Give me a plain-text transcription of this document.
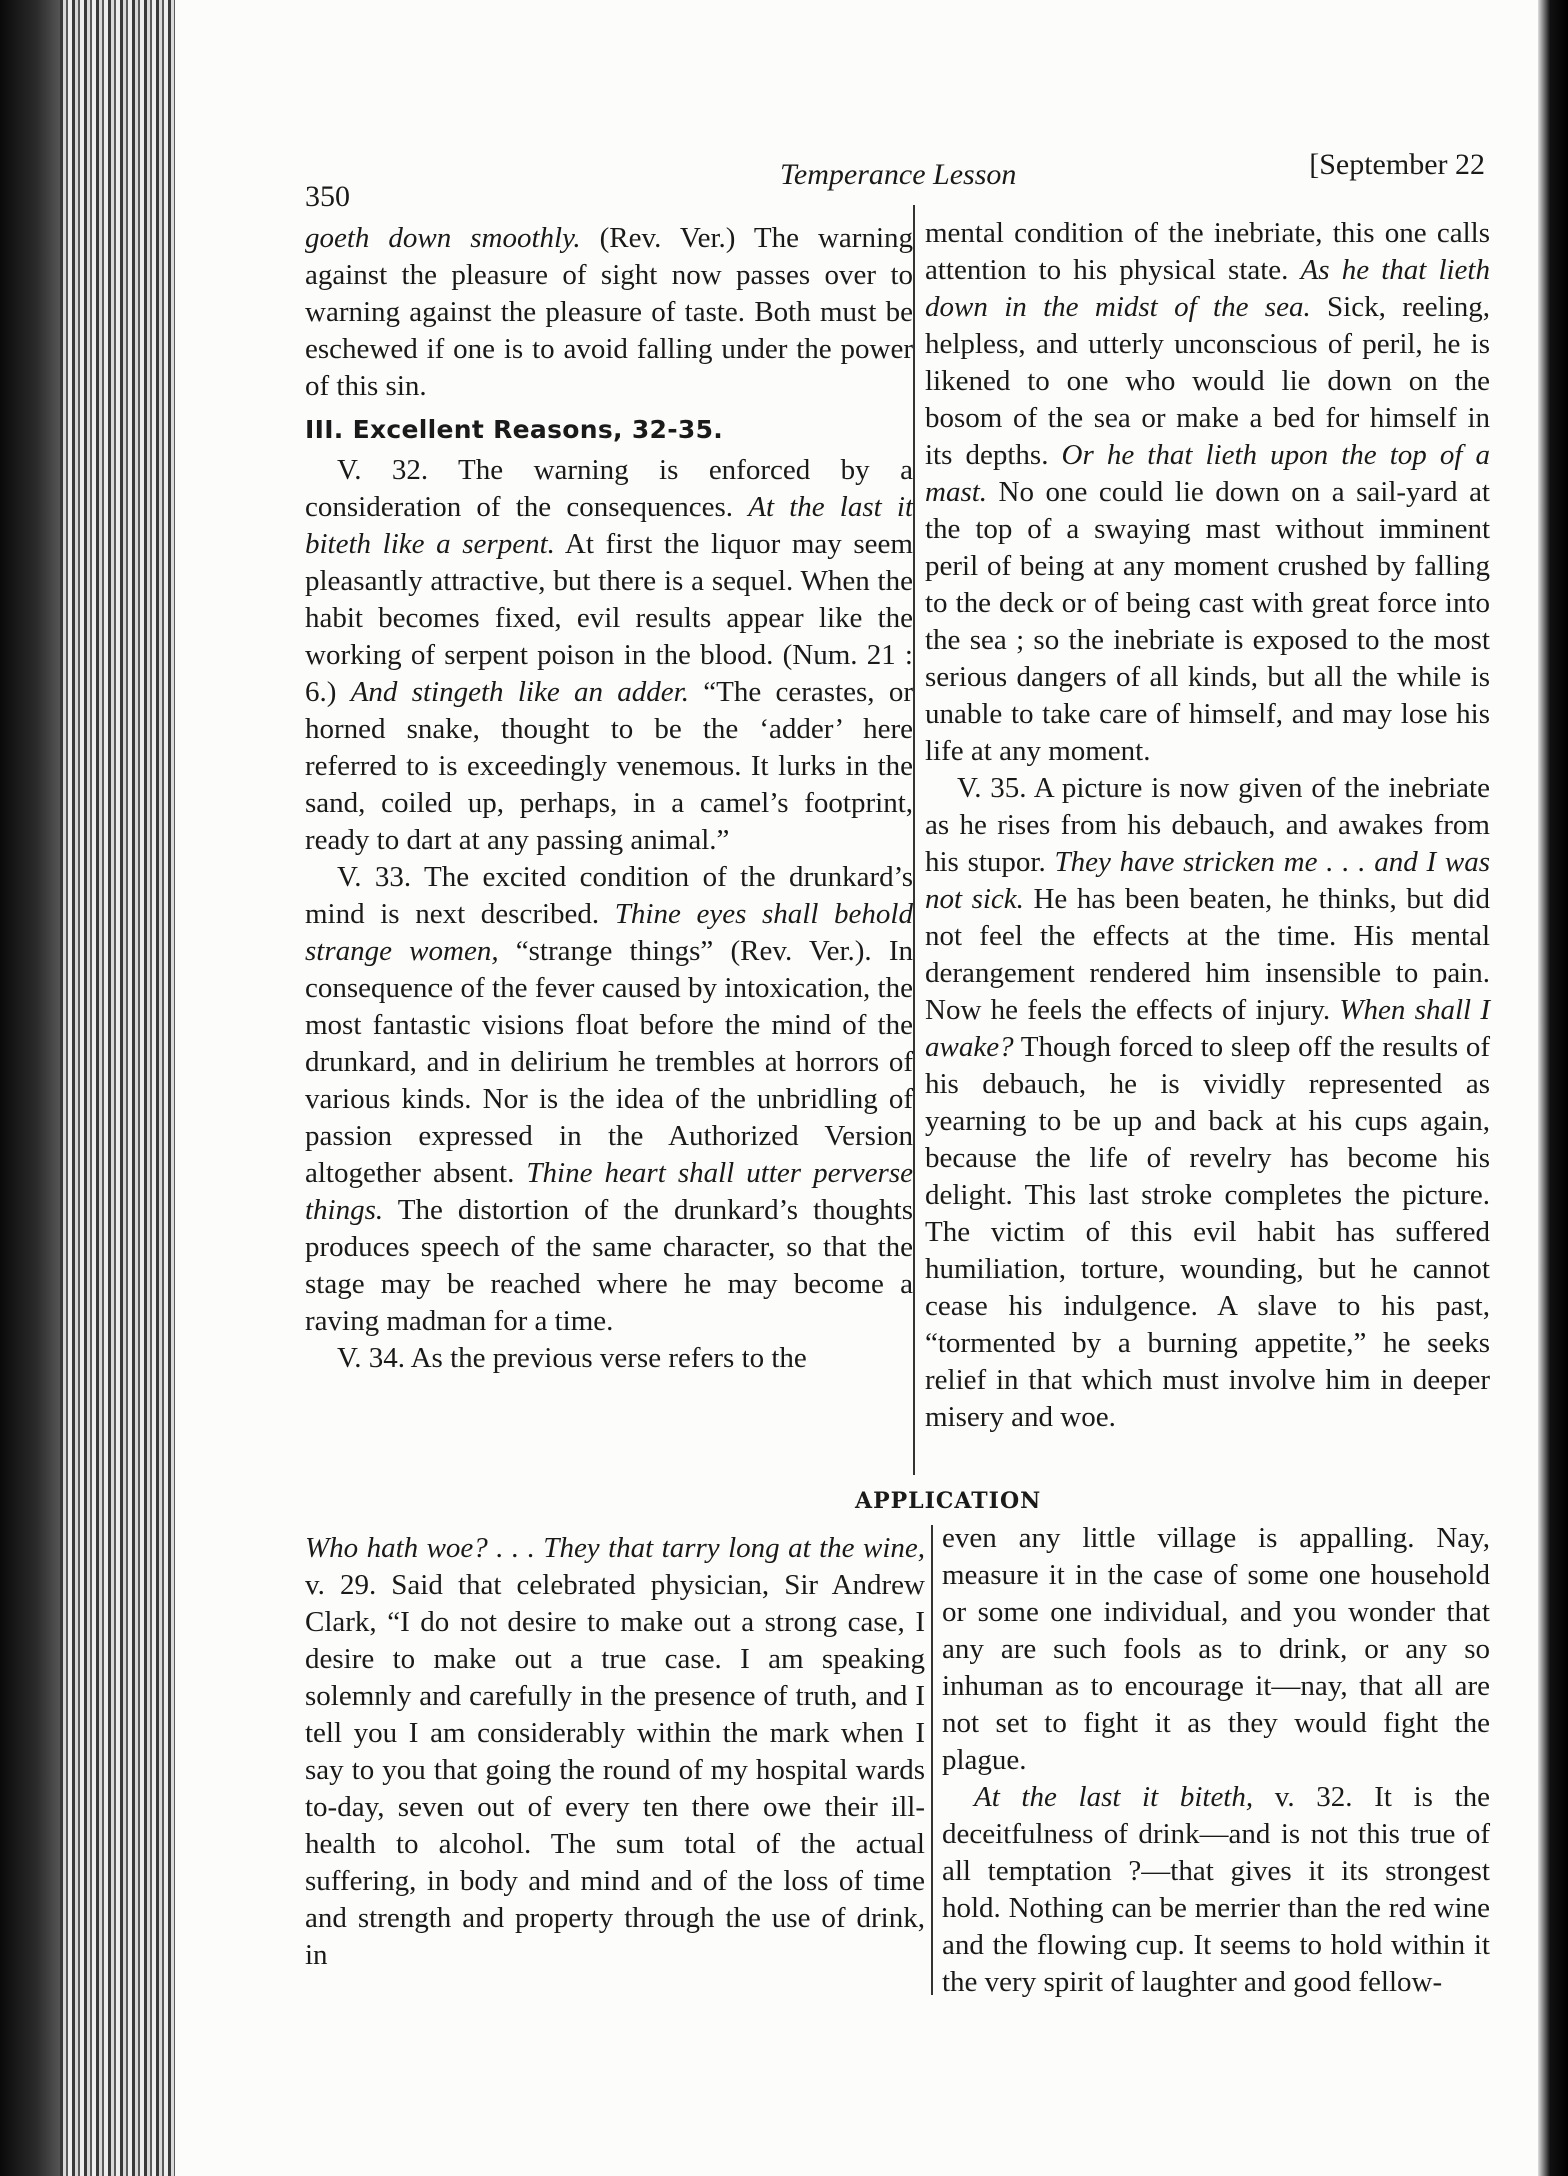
350
Temperance Lesson	[September 22

goeth down smoothly. (Rev. Ver.) The warning against the pleasure of sight now passes over to warning against the pleasure of taste. Both must be eschewed if one is to avoid falling under the power of this sin.

III. Excellent Reasons, 32-35.

V. 32. The warning is enforced by a consideration of the consequences. At the last it biteth like a serpent. At first the liquor may seem pleasantly attractive, but there is a sequel. When the habit becomes fixed, evil results appear like the working of serpent poison in the blood. (Num. 21 : 6.) And stingeth like an adder. “The cerastes, or horned snake, thought to be the ‘adder’ here referred to is exceedingly venemous. It lurks in the sand, coiled up, perhaps, in a camel’s footprint, ready to dart at any passing animal.”

V. 33. The excited condition of the drunkard’s mind is next described. Thine eyes shall behold strange women, “strange things” (Rev. Ver.). In consequence of the fever caused by intoxication, the most fantastic visions float before the mind of the drunkard, and in delirium he trembles at horrors of various kinds. Nor is the idea of the unbridling of passion expressed in the Authorized Version altogether absent. Thine heart shall utter perverse things. The distortion of the drunkard’s thoughts produces speech of the same character, so that the stage may be reached where he may become a raving madman for a time.

V. 34. As the previous verse refers to the

mental condition of the inebriate, this one calls attention to his physical state. As he that lieth down in the midst of the sea. Sick, reeling, helpless, and utterly unconscious of peril, he is likened to one who would lie down on the bosom of the sea or make a bed for himself in its depths. Or he that lieth upon the top of a mast. No one could lie down on a sail-yard at the top of a swaying mast without imminent peril of being at any moment crushed by falling to the deck or of being cast with great force into the sea ; so the inebriate is exposed to the most serious dangers of all kinds, but all the while is unable to take care of himself, and may lose his life at any moment.

V. 35. A picture is now given of the inebriate as he rises from his debauch, and awakes from his stupor. They have stricken me . . . and I was not sick. He has been beaten, he thinks, but did not feel the effects at the time. His mental derangement rendered him insensible to pain. Now he feels the effects of injury. When shall I awake? Though forced to sleep off the results of his debauch, he is vividly represented as yearning to be up and back at his cups again, because the life of revelry has become his delight. This last stroke completes the picture. The victim of this evil habit has suffered humiliation, torture, wounding, but he cannot cease his indulgence. A slave to his past, “tormented by a burning appetite,” he seeks relief in that which must involve him in deeper misery and woe.

APPLICATION

Who hath woe? . . . They that tarry long at the wine, v. 29. Said that celebrated physician, Sir Andrew Clark, “I do not desire to make out a strong case, I desire to make out a true case. I am speaking solemnly and carefully in the presence of truth, and I tell you I am considerably within the mark when I say to you that going the round of my hospital wards to-day, seven out of every ten there owe their ill-health to alcohol. The sum total of the actual suffering, in body and mind and of the loss of time and strength and property through the use of drink, in

even any little village is appalling. Nay, measure it in the case of some one household or some one individual, and you wonder that any are such fools as to drink, or any so inhuman as to encourage it—nay, that all are not set to fight it as they would fight the plague.

At the last it biteth, v. 32. It is the deceitfulness of drink—and is not this true of all temptation ?—that gives it its strongest hold. Nothing can be merrier than the red wine and the flowing cup. It seems to hold within it the very spirit of laughter and good fellow-
